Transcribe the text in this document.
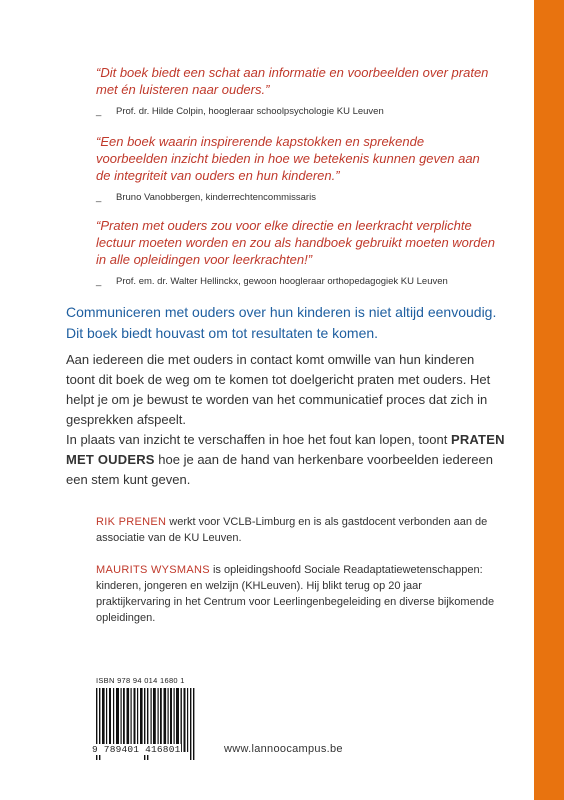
“Dit boek biedt een schat aan informatie en voorbeelden over praten met én luisteren naar ouders.”

_	Prof. dr. Hilde Colpin, hoogleraar schoolpsychologie KU Leuven

“Een boek waarin inspirerende kapstokken en sprekende voorbeelden inzicht bieden in hoe we betekenis kunnen geven aan de integriteit van ouders en hun kinderen.”

_	Bruno Vanobbergen, kinderrechtencommissaris

“Praten met ouders zou voor elke directie en leerkracht verplichte lectuur moeten worden en zou als handboek gebruikt moeten worden in alle opleidingen voor leerkrachten!”

_	Prof. em. dr. Walter Hellinckx, gewoon hoogleraar orthopedagogiek KU Leuven

Communiceren met ouders over hun kinderen is niet altijd eenvoudig. Dit boek biedt houvast om tot resultaten te komen.

Aan iedereen die met ouders in contact komt omwille van hun kinderen toont dit boek de weg om te komen tot doelgericht praten met ouders. Het helpt je om je bewust te worden van het communicatief proces dat zich in gesprekken afspeelt.

In plaats van inzicht te verschaffen in hoe het fout kan lopen, toont PRATEN MET OUDERS hoe je aan de hand van herkenbare voorbeelden iedereen een stem kunt geven.

RIK PRENEN werkt voor VCLB-Limburg en is als gastdocent verbonden aan de associatie van de KU Leuven.
MAURITS WYSMANS is opleidingshoofd Sociale Readaptatiewetenschappen: kinderen, jongeren en welzijn (KHLeuven). Hij blikt terug op 20 jaar praktijkervaring in het Centrum voor Leerlingenbegeleiding en diverse bijkomende opleidingen.
ISBN 978 94 014 1680 1
9 789401 416801	www.lannoocampus.be
